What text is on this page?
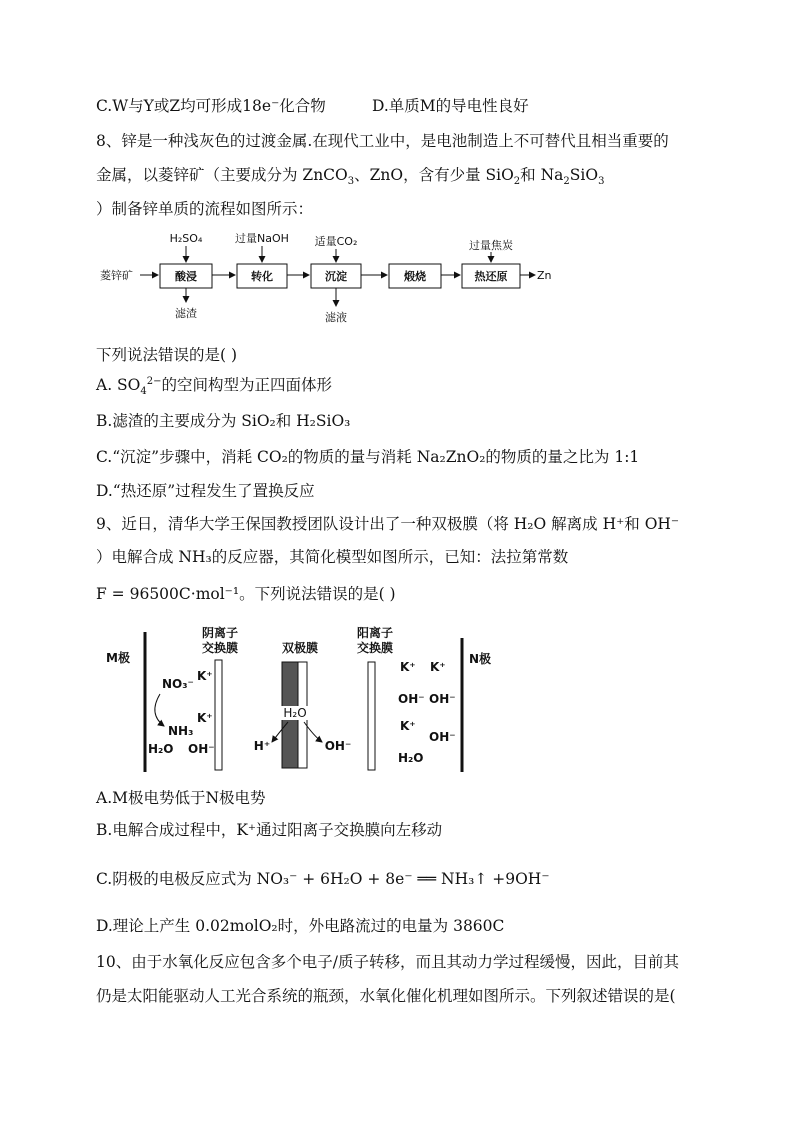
C.W与Y或Z均可形成18e⁻化合物	D.单质M的导电性良好
8、锌是一种浅灰色的过渡金属.在现代工业中，是电池制造上不可替代且相当重要的
金属，以菱锌矿（主要成分为 ZnCO$_3$、ZnO，含有少量 SiO$_2$和 $Na_2SiO_3$
）制备锌单质的流程如图所示：
菱锌矿	酸浸	转化	沉淀	煅烧	热还原	Zn
H₂SO₄	过量NaOH 适量CO₂	过量焦炭
滤渣	滤液
下列说法错误的是( )
A. $SO_4^{2-}$的空间构型为正四面体形
B.滤渣的主要成分为 SiO₂和 H₂SiO₃
C.“沉淀”步骤中，消耗 CO₂的物质的量与消耗 Na₂ZnO₂的物质的量之比为 1:1
D.“热还原”过程发生了置换反应
9、近日，清华大学王保国教授团队设计出了一种双极膜（将 H₂O 解离成 H⁺和 OH⁻
）电解合成 NH₃的反应器，其简化模型如图所示，已知：法拉第常数
F = 96500C·mol⁻¹。下列说法错误的是( )
M极	N极
阴离子
交换膜	双极膜
H₂O
H⁺	OH⁻
阳离子
交换膜
NO₃⁻
K⁺
NH₃
K⁺
H₂O OH⁻
K⁺ K⁺
OH⁻ OH⁻
K⁺
OH⁻
H₂O
A.M极电势低于N极电势
B.电解合成过程中，K⁺通过阳离子交换膜向左移动
C.阴极的电极反应式为 NO₃⁻ + 6H₂O + 8e⁻ ══ NH₃↑ +9OH⁻
D.理论上产生 0.02molO₂时，外电路流过的电量为 3860C
10、由于水氧化反应包含多个电子/质子转移，而且其动力学过程缓慢，因此，目前其
仍是太阳能驱动人工光合系统的瓶颈，水氧化催化机理如图所示。下列叙述错误的是(
